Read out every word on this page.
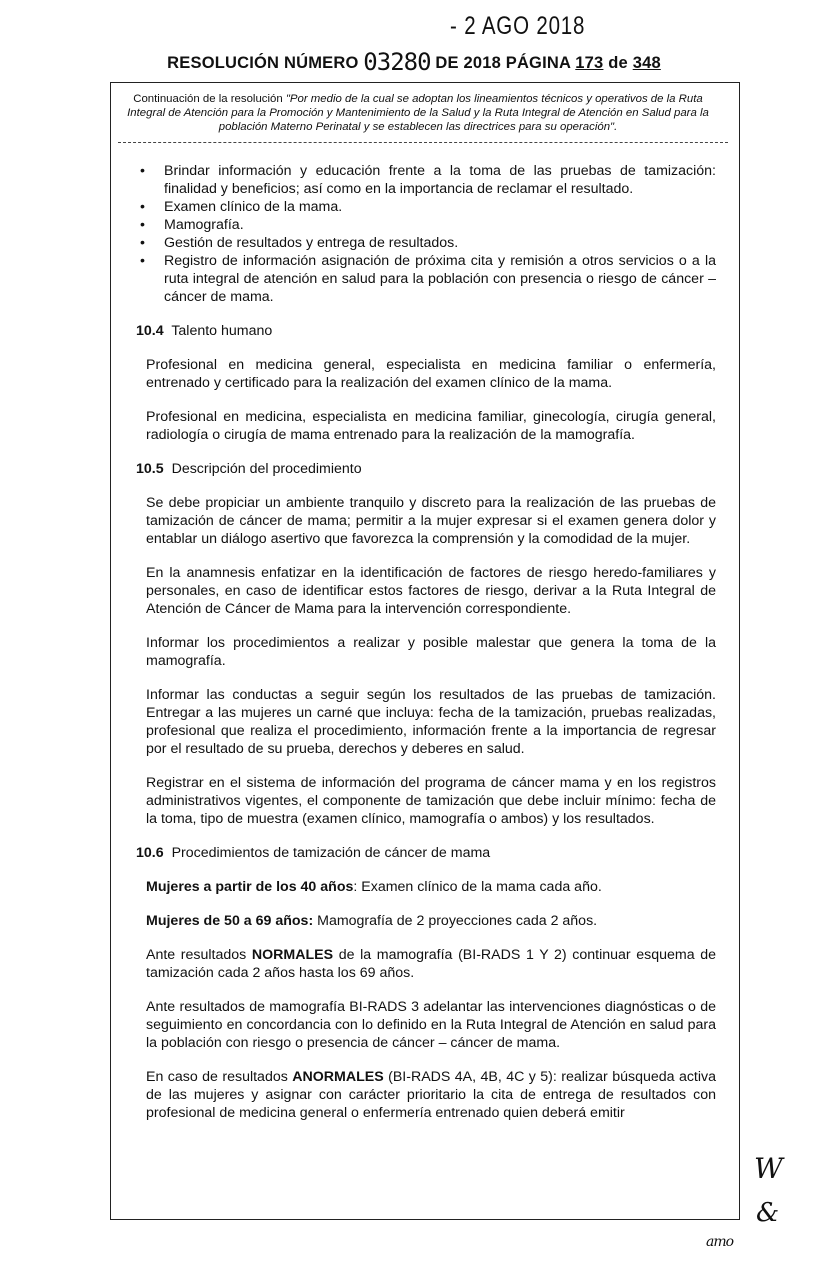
- 2 AGO 2018
RESOLUCIÓN NÚMERO 03280 DE 2018 PÁGINA 173 de 348
Continuación de la resolución "Por medio de la cual se adoptan los lineamientos técnicos y operativos de la Ruta Integral de Atención para la Promoción y Mantenimiento de la Salud y la Ruta Integral de Atención en Salud para la población Materno Perinatal y se establecen las directrices para su operación".
• Brindar información y educación frente a la toma de las pruebas de tamización: finalidad y beneficios; así como en la importancia de reclamar el resultado.
• Examen clínico de la mama.
• Mamografía.
• Gestión de resultados y entrega de resultados.
• Registro de información asignación de próxima cita y remisión a otros servicios o a la ruta integral de atención en salud para la población con presencia o riesgo de cáncer – cáncer de mama.
10.4 Talento humano

Profesional en medicina general, especialista en medicina familiar o enfermería, entrenado y certificado para la realización del examen clínico de la mama.

Profesional en medicina, especialista en medicina familiar, ginecología, cirugía general, radiología o cirugía de mama entrenado para la realización de la mamografía.

10.5 Descripción del procedimiento

Se debe propiciar un ambiente tranquilo y discreto para la realización de las pruebas de tamización de cáncer de mama; permitir a la mujer expresar si el examen genera dolor y entablar un diálogo asertivo que favorezca la comprensión y la comodidad de la mujer.

En la anamnesis enfatizar en la identificación de factores de riesgo heredo-familiares y personales, en caso de identificar estos factores de riesgo, derivar a la Ruta Integral de Atención de Cáncer de Mama para la intervención correspondiente.

Informar los procedimientos a realizar y posible malestar que genera la toma de la mamografía.

Informar las conductas a seguir según los resultados de las pruebas de tamización. Entregar a las mujeres un carné que incluya: fecha de la tamización, pruebas realizadas, profesional que realiza el procedimiento, información frente a la importancia de regresar por el resultado de su prueba, derechos y deberes en salud.

Registrar en el sistema de información del programa de cáncer mama y en los registros administrativos vigentes, el componente de tamización que debe incluir mínimo: fecha de la toma, tipo de muestra (examen clínico, mamografía o ambos) y los resultados.

10.6 Procedimientos de tamización de cáncer de mama

Mujeres a partir de los 40 años: Examen clínico de la mama cada año.

Mujeres de 50 a 69 años: Mamografía de 2 proyecciones cada 2 años.

Ante resultados NORMALES de la mamografía (BI-RADS 1 Y 2) continuar esquema de tamización cada 2 años hasta los 69 años.

Ante resultados de mamografía BI-RADS 3 adelantar las intervenciones diagnósticas o de seguimiento en concordancia con lo definido en la Ruta Integral de Atención en salud para la población con riesgo o presencia de cáncer – cáncer de mama.

En caso de resultados ANORMALES (BI-RADS 4A, 4B, 4C y 5): realizar búsqueda activa de las mujeres y asignar con carácter prioritario la cita de entrega de resultados con profesional de medicina general o enfermería entrenado quien deberá emitir

W
&
amo
